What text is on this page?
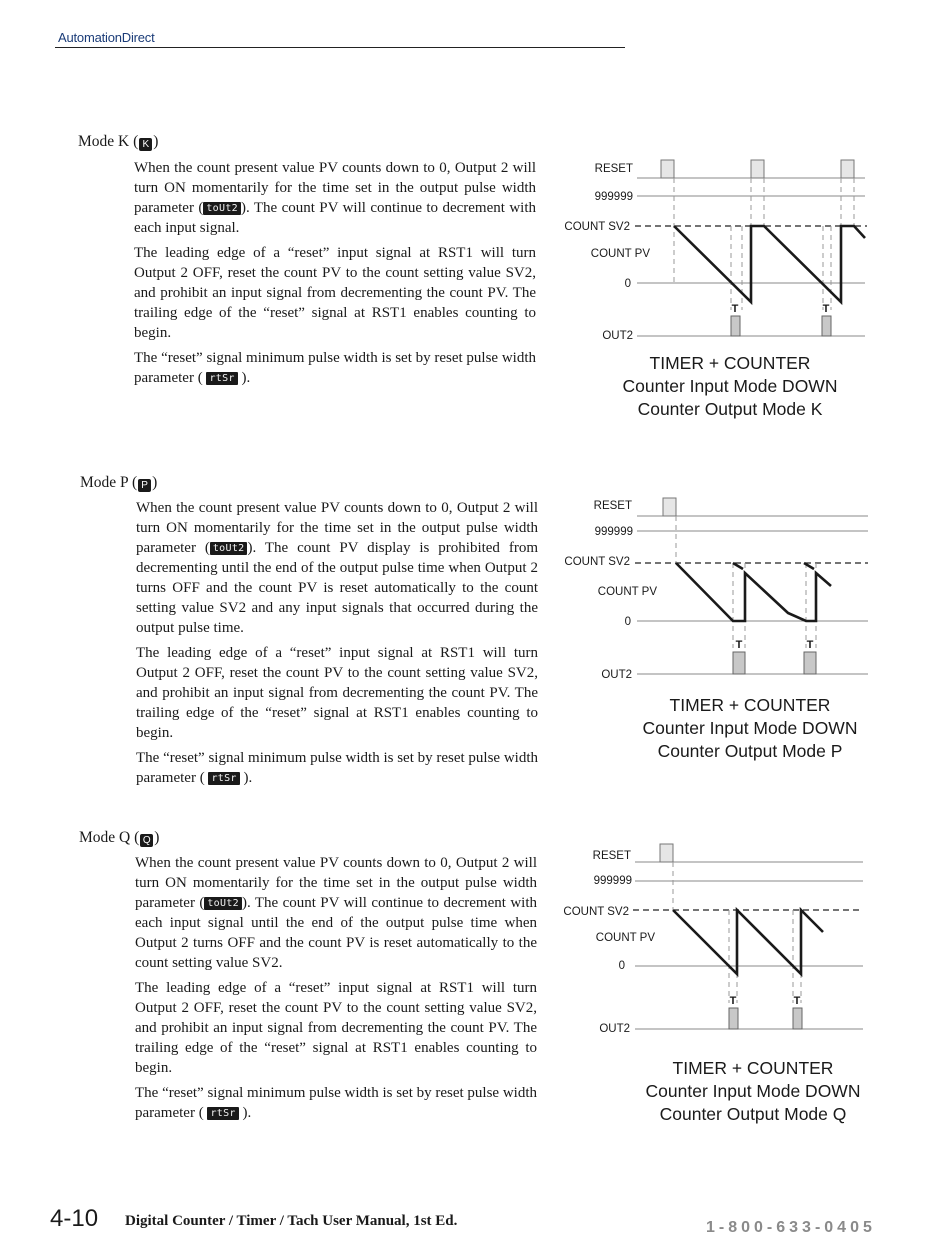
AutomationDirect
Mode K ( K )

When the count present value PV counts down to 0, Output 2 will turn ON momentarily for the time set in the output pulse width parameter ( toUt2 ). The count PV will continue to decrement with each input signal.

The leading edge of a “reset” input signal at RST1 will turn Output 2 OFF, reset the count PV to the count setting value SV2, and prohibit an input signal from decrementing the count PV. The trailing edge of the “reset” signal at RST1 enables counting to begin.

The “reset” signal minimum pulse width is set by reset pulse width parameter ( rtSr ).

RESET
999999
COUNT SV2
COUNT PV
0
OUT2
T	T
TIMER + COUNTER
Counter Input Mode DOWN
Counter Output Mode K
Mode P ( P )

When the count present value PV counts down to 0, Output 2 will turn ON momentarily for the time set in the output pulse width parameter ( toUt2 ). The count PV display is prohibited from decrementing until the end of the output pulse time when Output 2 turns OFF and the count PV is reset automatically to the count setting value SV2 and any input signals that occurred during the output pulse time.

The leading edge of a “reset” input signal at RST1 will turn Output 2 OFF, reset the count PV to the count setting value SV2, and prohibit an input signal from decrementing the count PV. The trailing edge of the “reset” signal at RST1 enables counting to begin.

The “reset” signal minimum pulse width is set by reset pulse width parameter ( rtSr ).

RESET
999999
COUNT SV2
COUNT PV
0
OUT2
T	T
TIMER + COUNTER
Counter Input Mode DOWN
Counter Output Mode P
Mode Q ( Q )

When the count present value PV counts down to 0, Output 2 will turn ON momentarily for the time set in the output pulse width parameter ( toUt2 ). The count PV will continue to decrement with each input signal until the end of the output pulse time when Output 2 turns OFF and the count PV is reset automatically to the count setting value SV2.

The leading edge of a “reset” input signal at RST1 will turn Output 2 OFF, reset the count PV to the count setting value SV2, and prohibit an input signal from decrementing the count PV. The trailing edge of the “reset” signal at RST1 enables counting to begin.

The “reset” signal minimum pulse width is set by reset pulse width parameter ( rtSr ).

RESET
999999
COUNT SV2
COUNT PV
0
OUT2
T	T
TIMER + COUNTER
Counter Input Mode DOWN
Counter Output Mode Q
4-10 Digital Counter / Timer / Tach User Manual, 1st Ed.	1-800-633-0405
